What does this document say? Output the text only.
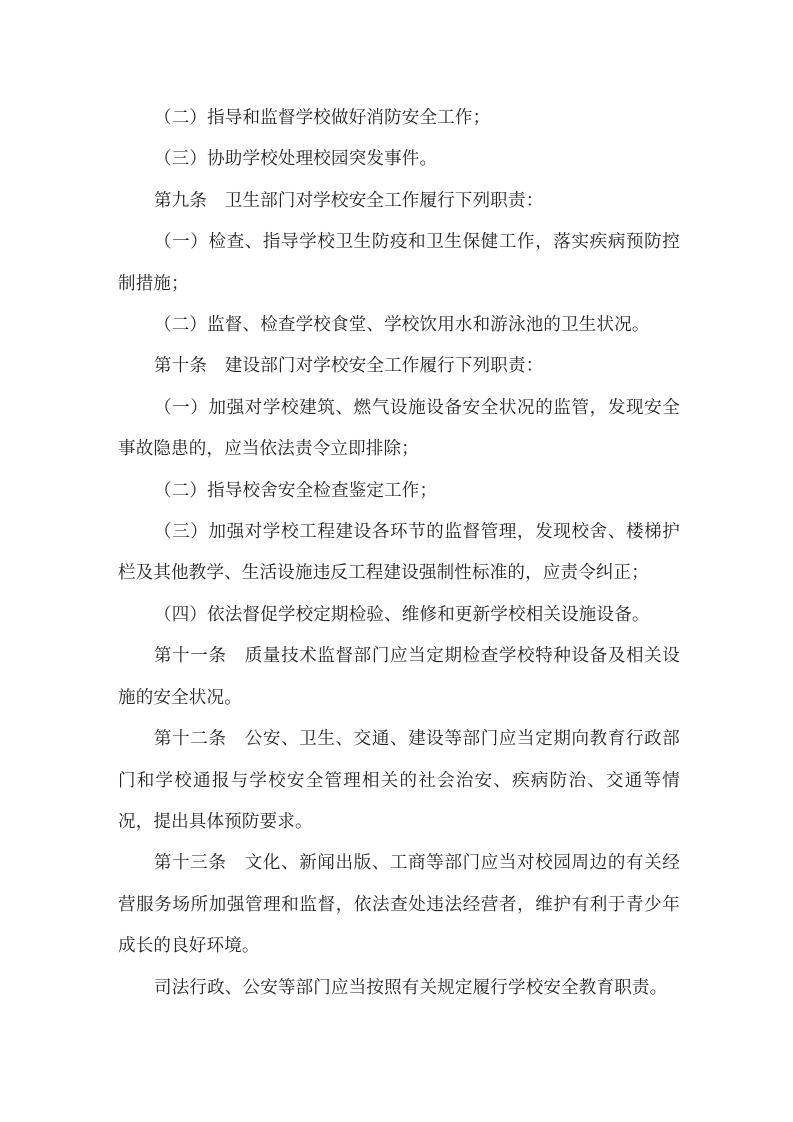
（二）指导和监督学校做好消防安全工作；

（三）协助学校处理校园突发事件。

第九条　卫生部门对学校安全工作履行下列职责：

（一）检查、指导学校卫生防疫和卫生保健工作，落实疾病预防控制措施；

（二）监督、检查学校食堂、学校饮用水和游泳池的卫生状况。

第十条　建设部门对学校安全工作履行下列职责：

（一）加强对学校建筑、燃气设施设备安全状况的监管，发现安全事故隐患的，应当依法责令立即排除；

（二）指导校舍安全检查鉴定工作；

（三）加强对学校工程建设各环节的监督管理，发现校舍、楼梯护栏及其他教学、生活设施违反工程建设强制性标准的，应责令纠正；

（四）依法督促学校定期检验、维修和更新学校相关设施设备。

第十一条　质量技术监督部门应当定期检查学校特种设备及相关设施的安全状况。

第十二条　公安、卫生、交通、建设等部门应当定期向教育行政部门和学校通报与学校安全管理相关的社会治安、疾病防治、交通等情况，提出具体预防要求。

第十三条　文化、新闻出版、工商等部门应当对校园周边的有关经营服务场所加强管理和监督，依法查处违法经营者，维护有利于青少年成长的良好环境。

司法行政、公安等部门应当按照有关规定履行学校安全教育职责。
